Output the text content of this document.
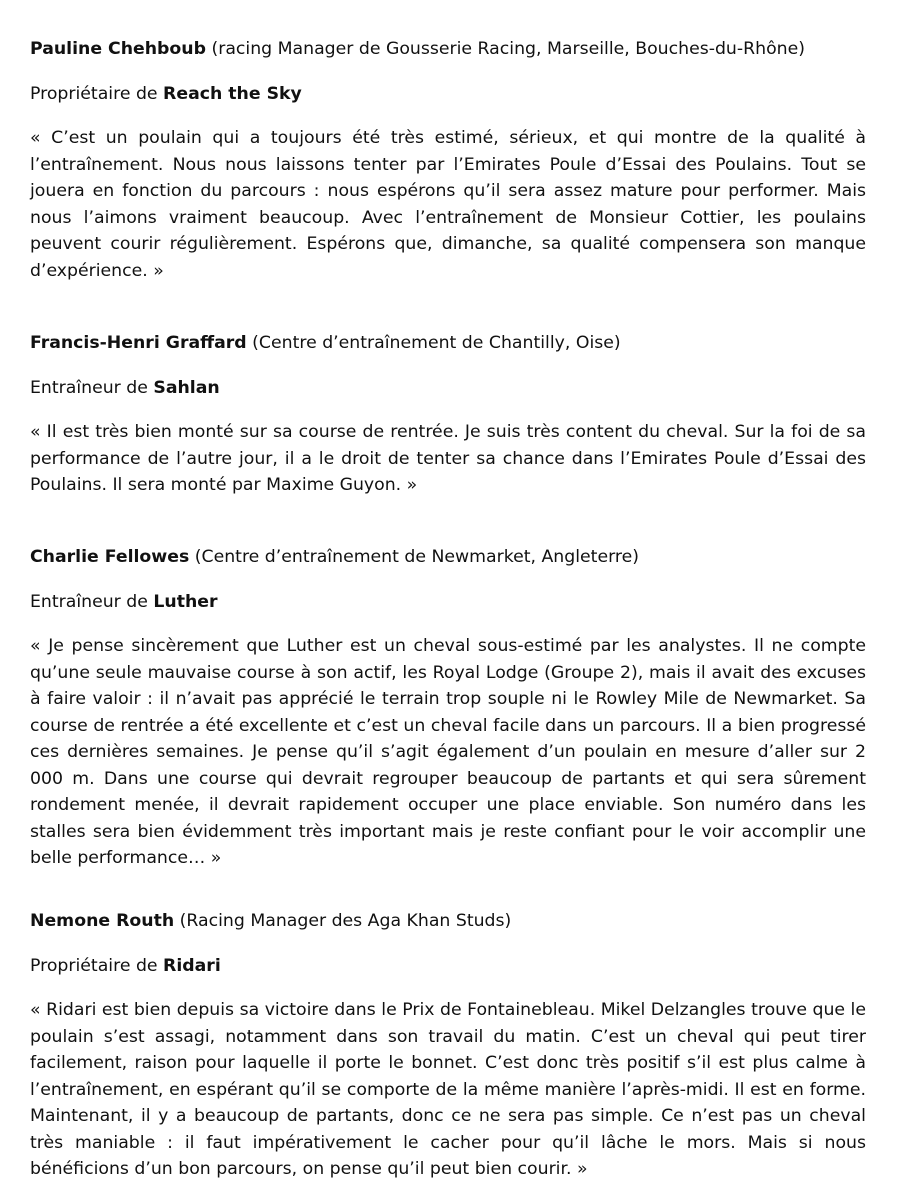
Pauline Chehboub (racing Manager de Gousserie Racing, Marseille, Bouches-du-Rhône)

Propriétaire de Reach the Sky

« C’est un poulain qui a toujours été très estimé, sérieux, et qui montre de la qualité à l’entraînement. Nous nous laissons tenter par l’Emirates Poule d’Essai des Poulains. Tout se jouera en fonction du parcours : nous espérons qu’il sera assez mature pour performer. Mais nous l’aimons vraiment beaucoup. Avec l’entraînement de Monsieur Cottier, les poulains peuvent courir régulièrement. Espérons que, dimanche, sa qualité compensera son manque d’expérience. »

Francis-Henri Graffard (Centre d’entraînement de Chantilly, Oise)

Entraîneur de Sahlan

« Il est très bien monté sur sa course de rentrée. Je suis très content du cheval. Sur la foi de sa performance de l’autre jour, il a le droit de tenter sa chance dans l’Emirates Poule d’Essai des Poulains. Il sera monté par Maxime Guyon. »

Charlie Fellowes (Centre d’entraînement de Newmarket, Angleterre)

Entraîneur de Luther

« Je pense sincèrement que Luther est un cheval sous-estimé par les analystes. Il ne compte qu’une seule mauvaise course à son actif, les Royal Lodge (Groupe 2), mais il avait des excuses à faire valoir : il n’avait pas apprécié le terrain trop souple ni le Rowley Mile de Newmarket. Sa course de rentrée a été excellente et c’est un cheval facile dans un parcours. Il a bien progressé ces dernières semaines. Je pense qu’il s’agit également d’un poulain en mesure d’aller sur 2 000 m. Dans une course qui devrait regrouper beaucoup de partants et qui sera sûrement rondement menée, il devrait rapidement occuper une place enviable. Son numéro dans les stalles sera bien évidemment très important mais je reste confiant pour le voir accomplir une belle performance… »

Nemone Routh (Racing Manager des Aga Khan Studs)

Propriétaire de Ridari

« Ridari est bien depuis sa victoire dans le Prix de Fontainebleau. Mikel Delzangles trouve que le poulain s’est assagi, notamment dans son travail du matin. C’est un cheval qui peut tirer facilement, raison pour laquelle il porte le bonnet. C’est donc très positif s’il est plus calme à l’entraînement, en espérant qu’il se comporte de la même manière l’après-midi. Il est en forme. Maintenant, il y a beaucoup de partants, donc ce ne sera pas simple. Ce n’est pas un cheval très maniable : il faut impérativement le cacher pour qu’il lâche le mors. Mais si nous bénéficions d’un bon parcours, on pense qu’il peut bien courir. »
